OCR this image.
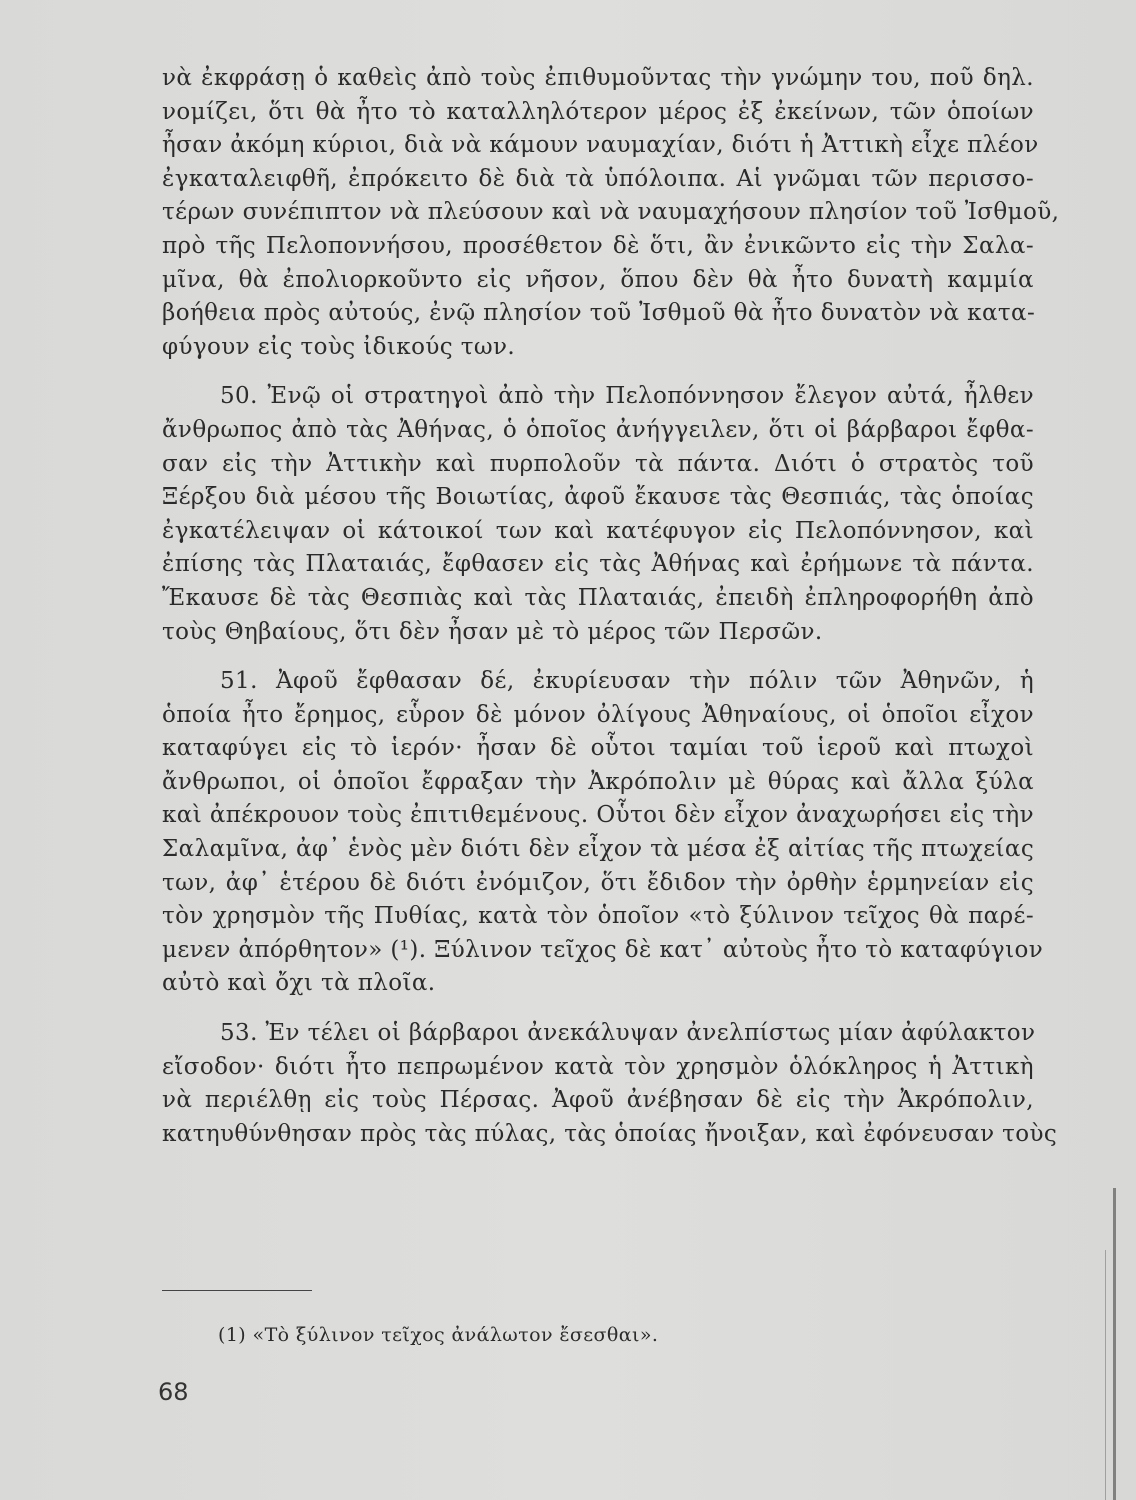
νὰ ἐκφράσῃ ὁ καθεὶς ἀπὸ τοὺς ἐπιθυμοῦντας τὴν γνώμην του, ποῦ δηλ.
νομίζει, ὅτι θὰ ἦτο τὸ καταλληλότερον μέρος ἐξ ἐκείνων, τῶν ὁποίων
ἦσαν ἀκόμη κύριοι, διὰ νὰ κάμουν ναυμαχίαν, διότι ἡ Ἀττικὴ εἶχε πλέον
ἐγκαταλειφθῆ, ἐπρόκειτο δὲ διὰ τὰ ὑπόλοιπα. Αἱ γνῶμαι τῶν περισσο-
τέρων συνέπιπτον νὰ πλεύσουν καὶ νὰ ναυμαχήσουν πλησίον τοῦ Ἰσθμοῦ,
πρὸ τῆς Πελοποννήσου, προσέθετον δὲ ὅτι, ἂν ἐνικῶντο εἰς τὴν Σαλα-
μῖνα, θὰ ἐπολιορκοῦντο εἰς νῆσον, ὅπου δὲν θὰ ἦτο δυνατὴ καμμία
βοήθεια πρὸς αὐτούς, ἐνῷ πλησίον τοῦ Ἰσθμοῦ θὰ ἦτο δυνατὸν νὰ κατα-
φύγουν εἰς τοὺς ἰδικούς των.
50. Ἐνῷ οἱ στρατηγοὶ ἀπὸ τὴν Πελοπόννησον ἔλεγον αὐτά, ἦλθεν
ἄνθρωπος ἀπὸ τὰς Ἀθήνας, ὁ ὁποῖος ἀνήγγειλεν, ὅτι οἱ βάρβαροι ἔφθα-
σαν εἰς τὴν Ἀττικὴν καὶ πυρπολοῦν τὰ πάντα. Διότι ὁ στρατὸς τοῦ
Ξέρξου διὰ μέσου τῆς Βοιωτίας, ἀφοῦ ἔκαυσε τὰς Θεσπιάς, τὰς ὁποίας
ἐγκατέλειψαν οἱ κάτοικοί των καὶ κατέφυγον εἰς Πελοπόννησον, καὶ
ἐπίσης τὰς Πλαταιάς, ἔφθασεν εἰς τὰς Ἀθήνας καὶ ἐρήμωνε τὰ πάντα.
Ἔκαυσε δὲ τὰς Θεσπιὰς καὶ τὰς Πλαταιάς, ἐπειδὴ ἐπληροφορήθη ἀπὸ
τοὺς Θηβαίους, ὅτι δὲν ἦσαν μὲ τὸ μέρος τῶν Περσῶν.
51. Ἀφοῦ ἔφθασαν δέ, ἐκυρίευσαν τὴν πόλιν τῶν Ἀθηνῶν, ἡ
ὁποία ἦτο ἔρημος, εὗρον δὲ μόνον ὀλίγους Ἀθηναίους, οἱ ὁποῖοι εἶχον
καταφύγει εἰς τὸ ἱερόν· ἦσαν δὲ οὗτοι ταμίαι τοῦ ἱεροῦ καὶ πτωχοὶ
ἄνθρωποι, οἱ ὁποῖοι ἔφραξαν τὴν Ἀκρόπολιν μὲ θύρας καὶ ἄλλα ξύλα
καὶ ἀπέκρουον τοὺς ἐπιτιθεμένους. Οὗτοι δὲν εἶχον ἀναχωρήσει εἰς τὴν
Σαλαμῖνα, ἀφ᾽ ἑνὸς μὲν διότι δὲν εἶχον τὰ μέσα ἐξ αἰτίας τῆς πτωχείας
των, ἀφ᾽ ἑτέρου δὲ διότι ἐνόμιζον, ὅτι ἔδιδον τὴν ὀρθὴν ἑρμηνείαν εἰς
τὸν χρησμὸν τῆς Πυθίας, κατὰ τὸν ὁποῖον «τὸ ξύλινον τεῖχος θὰ παρέ-
μενεν ἀπόρθητον» (¹). Ξύλινον τεῖχος δὲ κατ᾽ αὐτοὺς ἦτο τὸ καταφύγιον
αὐτὸ καὶ ὄχι τὰ πλοῖα.
53. Ἐν τέλει οἱ βάρβαροι ἀνεκάλυψαν ἀνελπίστως μίαν ἀφύλακτον
εἴσοδον· διότι ἦτο πεπρωμένον κατὰ τὸν χρησμὸν ὁλόκληρος ἡ Ἀττικὴ
νὰ περιέλθῃ εἰς τοὺς Πέρσας. Ἀφοῦ ἀνέβησαν δὲ εἰς τὴν Ἀκρόπολιν,
κατηυθύνθησαν πρὸς τὰς πύλας, τὰς ὁποίας ἤνοιξαν, καὶ ἐφόνευσαν τοὺς
(1) «Τὸ ξύλινον τεῖχος ἀνάλωτον ἔσεσθαι».
68
